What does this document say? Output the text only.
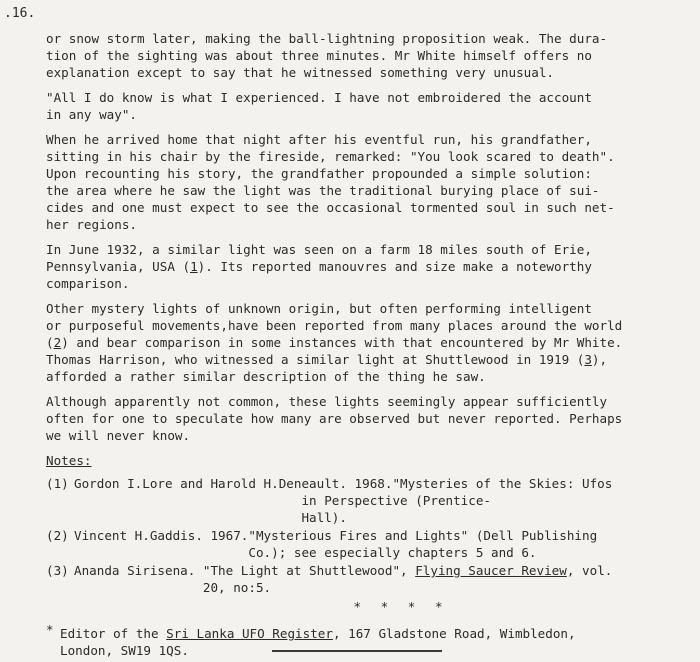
.16.

or snow storm later, making the ball-lightning proposition weak. The dura-
tion of the sighting was about three minutes. Mr White himself offers no
explanation except to say that he witnessed something very unusual.

"All I do know is what I experienced. I have not embroidered the account
in any way".

When he arrived home that night after his eventful run, his grandfather,
sitting in his chair by the fireside, remarked: "You look scared to death".
Upon recounting his story, the grandfather propounded a simple solution:
the area where he saw the light was the traditional burying place of sui-
cides and one must expect to see the occasional tormented soul in such net-
her regions.

In June 1932, a similar light was seen on a farm 18 miles south of Erie,
Pennsylvania, USA (1). Its reported manouvres and size make a noteworthy
comparison.

Other mystery lights of unknown origin, but often performing intelligent
or purposeful movements,have been reported from many places around the world
(2) and bear comparison in some instances with that encountered by Mr White.
Thomas Harrison, who witnessed a similar light at Shuttlewood in 1919 (3),
afforded a rather similar description of the thing he saw.

Although apparently not common, these lights seemingly appear sufficiently
often for one to speculate how many are observed but never reported. Perhaps
we will never know.

Notes:
(1) Gordon I.Lore and Harold H.Deneault. 1968."Mysteries of the Skies: Ufos
in Perspective (Prentice-
Hall).
(2) Vincent H.Gaddis. 1967."Mysterious Fires and Lights" (Dell Publishing
Co.); see especially chapters 5 and 6.
(3) Ananda Sirisena. "The Light at Shuttlewood", Flying Saucer Review, vol.
20, no:5.
* * * *
* Editor of the Sri Lanka UFO Register, 167 Gladstone Road, Wimbledon,
London, SW19 1QS.
